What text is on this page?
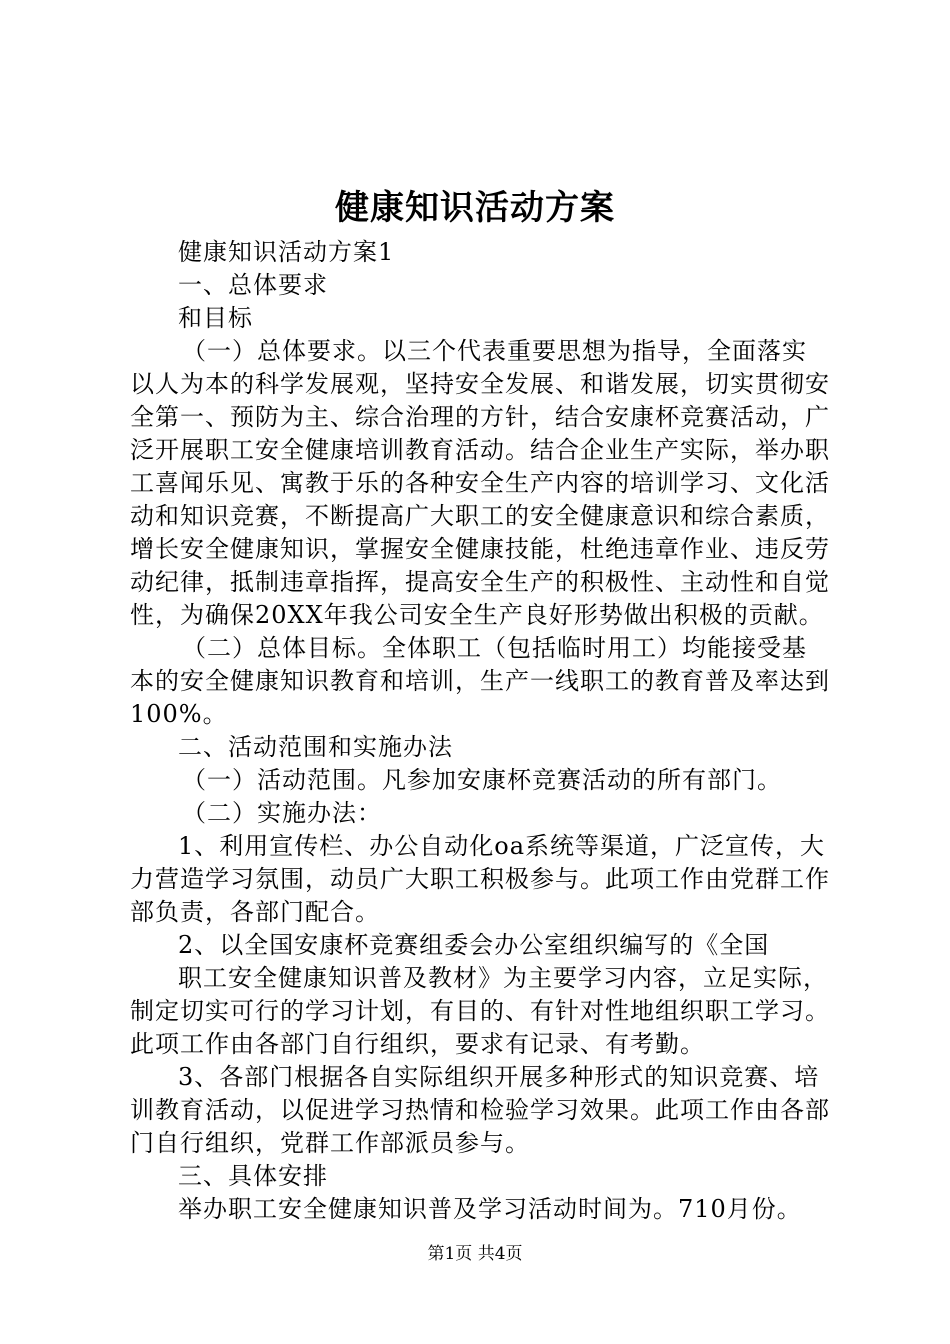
健康知识活动方案

健康知识活动方案1

一、总体要求

和目标

（一）总体要求。以三个代表重要思想为指导，全面落实以人为本的科学发展观，坚持安全发展、和谐发展，切实贯彻安全第一、预防为主、综合治理的方针，结合安康杯竞赛活动，广泛开展职工安全健康培训教育活动。结合企业生产实际，举办职工喜闻乐见、寓教于乐的各种安全生产内容的培训学习、文化活动和知识竞赛，不断提高广大职工的安全健康意识和综合素质，增长安全健康知识，掌握安全健康技能，杜绝违章作业、违反劳动纪律，抵制违章指挥，提高安全生产的积极性、主动性和自觉性，为确保20XX年我公司安全生产良好形势做出积极的贡献。

（二）总体目标。全体职工（包括临时用工）均能接受基本的安全健康知识教育和培训，生产一线职工的教育普及率达到100%。

二、活动范围和实施办法

（一）活动范围。凡参加安康杯竞赛活动的所有部门。

（二）实施办法：

1、利用宣传栏、办公自动化oa系统等渠道，广泛宣传，大力营造学习氛围，动员广大职工积极参与。此项工作由党群工作部负责，各部门配合。

2、以全国安康杯竞赛组委会办公室组织编写的《全国

职工安全健康知识普及教材》为主要学习内容，立足实际，制定切实可行的学习计划，有目的、有针对性地组织职工学习。此项工作由各部门自行组织，要求有记录、有考勤。

3、各部门根据各自实际组织开展多种形式的知识竞赛、培训教育活动，以促进学习热情和检验学习效果。此项工作由各部门自行组织，党群工作部派员参与。

三、具体安排

举办职工安全健康知识普及学习活动时间为。710月份。

第1页 共4页
